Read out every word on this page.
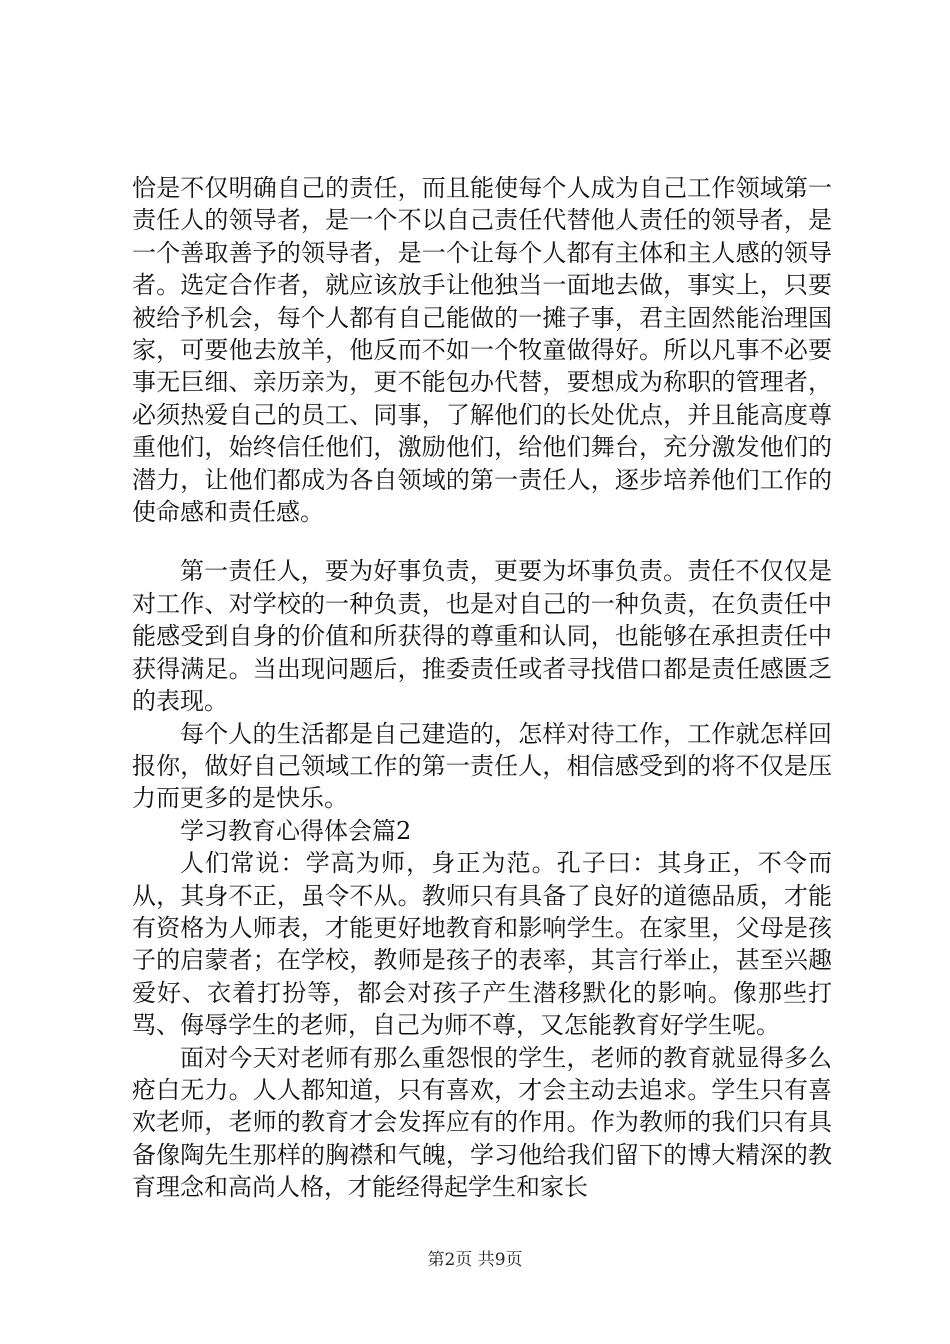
恰是不仅明确自己的责任，而且能使每个人成为自己工作领域第一责任人的领导者，是一个不以自己责任代替他人责任的领导者，是一个善取善予的领导者，是一个让每个人都有主体和主人感的领导者。选定合作者，就应该放手让他独当一面地去做，事实上，只要被给予机会，每个人都有自己能做的一摊子事，君主固然能治理国家，可要他去放羊，他反而不如一个牧童做得好。所以凡事不必要事无巨细、亲历亲为，更不能包办代替，要想成为称职的管理者，必须热爱自己的员工、同事，了解他们的长处优点，并且能高度尊重他们，始终信任他们，激励他们，给他们舞台，充分激发他们的潜力，让他们都成为各自领域的第一责任人，逐步培养他们工作的使命感和责任感。

第一责任人，要为好事负责，更要为坏事负责。责任不仅仅是对工作、对学校的一种负责，也是对自己的一种负责，在负责任中能感受到自身的价值和所获得的尊重和认同，也能够在承担责任中获得满足。当出现问题后，推委责任或者寻找借口都是责任感匮乏的表现。

每个人的生活都是自己建造的，怎样对待工作，工作就怎样回报你，做好自己领域工作的第一责任人，相信感受到的将不仅是压力而更多的是快乐。

学习教育心得体会篇2

人们常说：学高为师，身正为范。孔子曰：其身正，不令而从，其身不正，虽令不从。教师只有具备了良好的道德品质，才能有资格为人师表，才能更好地教育和影响学生。在家里，父母是孩子的启蒙者；在学校，教师是孩子的表率，其言行举止，甚至兴趣爱好、衣着打扮等，都会对孩子产生潜移默化的影响。像那些打骂、侮辱学生的老师，自己为师不尊，又怎能教育好学生呢。

面对今天对老师有那么重怨恨的学生，老师的教育就显得多么疮白无力。人人都知道，只有喜欢，才会主动去追求。学生只有喜欢老师，老师的教育才会发挥应有的作用。作为教师的我们只有具备像陶先生那样的胸襟和气魄，学习他给我们留下的博大精深的教育理念和高尚人格，才能经得起学生和家长

第2页 共9页
